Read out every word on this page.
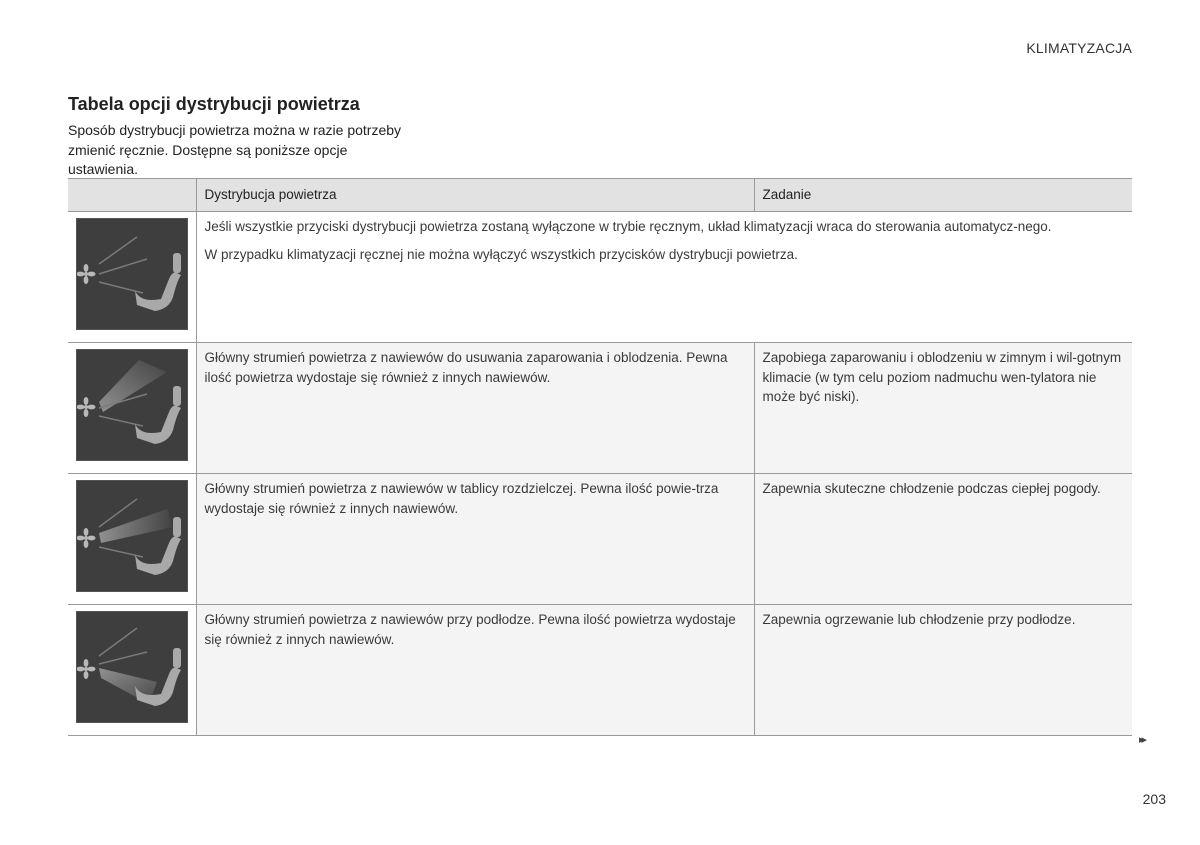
KLIMATYZACJA
Tabela opcji dystrybucji powietrza

Sposób dystrybucji powietrza można w razie potrzeby zmienić ręcznie. Dostępne są poniższe opcje ustawienia.

	Dystrybucja powietrza	Zadanie

Jeśli wszystkie przyciski dystrybucji powietrza zostaną wyłączone w trybie ręcznym, układ klimatyzacji wraca do sterowania automatycz-nego.

W przypadku klimatyzacji ręcznej nie można wyłączyć wszystkich przycisków dystrybucji powietrza.	

Główny strumień powietrza z nawiewów do usuwania zaparowania i oblodzenia. Pewna ilość powietrza wydostaje się również z innych nawiewów.	Zapobiega zaparowaniu i oblodzeniu w zimnym i wil-gotnym klimacie (w tym celu poziom nadmuchu wen-tylatora nie może być niski).

Główny strumień powietrza z nawiewów w tablicy rozdzielczej. Pewna ilość powie-trza wydostaje się również z innych nawiewów.	Zapewnia skuteczne chłodzenie podczas ciepłej pogody.

Główny strumień powietrza z nawiewów przy podłodze. Pewna ilość powietrza wydostaje się również z innych nawiewów.	Zapewnia ogrzewanie lub chłodzenie przy podłodze.

▸▸
203
